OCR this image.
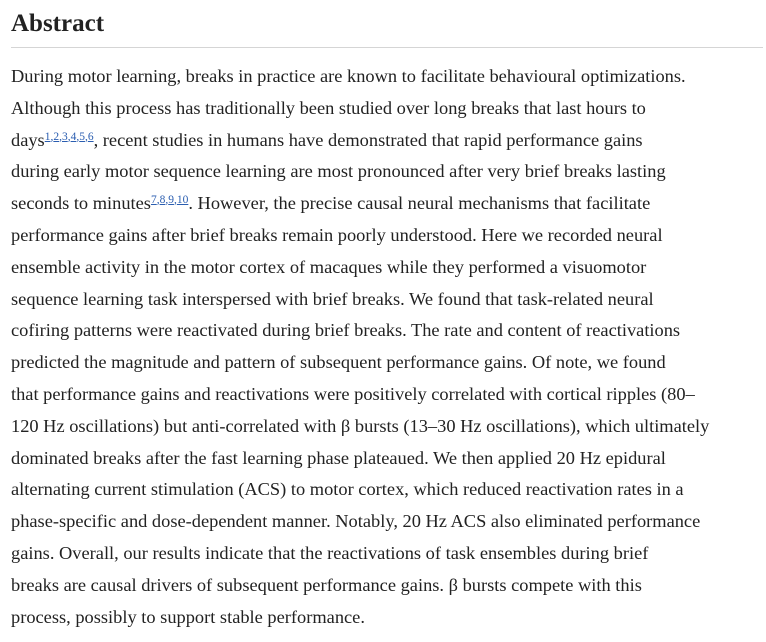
Abstract
During motor learning, breaks in practice are known to facilitate behavioural optimizations.
Although this process has traditionally been studied over long breaks that last hours to
days$^{1,2,3,4,5,6}$, recent studies in humans have demonstrated that rapid performance gains
during early motor sequence learning are most pronounced after very brief breaks lasting
seconds to minutes$^{7,8,9,10}$. However, the precise causal neural mechanisms that facilitate
performance gains after brief breaks remain poorly understood. Here we recorded neural
ensemble activity in the motor cortex of macaques while they performed a visuomotor
sequence learning task interspersed with brief breaks. We found that task-related neural
cofiring patterns were reactivated during brief breaks. The rate and content of reactivations
predicted the magnitude and pattern of subsequent performance gains. Of note, we found
that performance gains and reactivations were positively correlated with cortical ripples (80–
120 Hz oscillations) but anti-correlated with β bursts (13–30 Hz oscillations), which ultimately
dominated breaks after the fast learning phase plateaued. We then applied 20 Hz epidural
alternating current stimulation (ACS) to motor cortex, which reduced reactivation rates in a
phase-specific and dose-dependent manner. Notably, 20 Hz ACS also eliminated performance
gains. Overall, our results indicate that the reactivations of task ensembles during brief
breaks are causal drivers of subsequent performance gains. β bursts compete with this
process, possibly to support stable performance.
